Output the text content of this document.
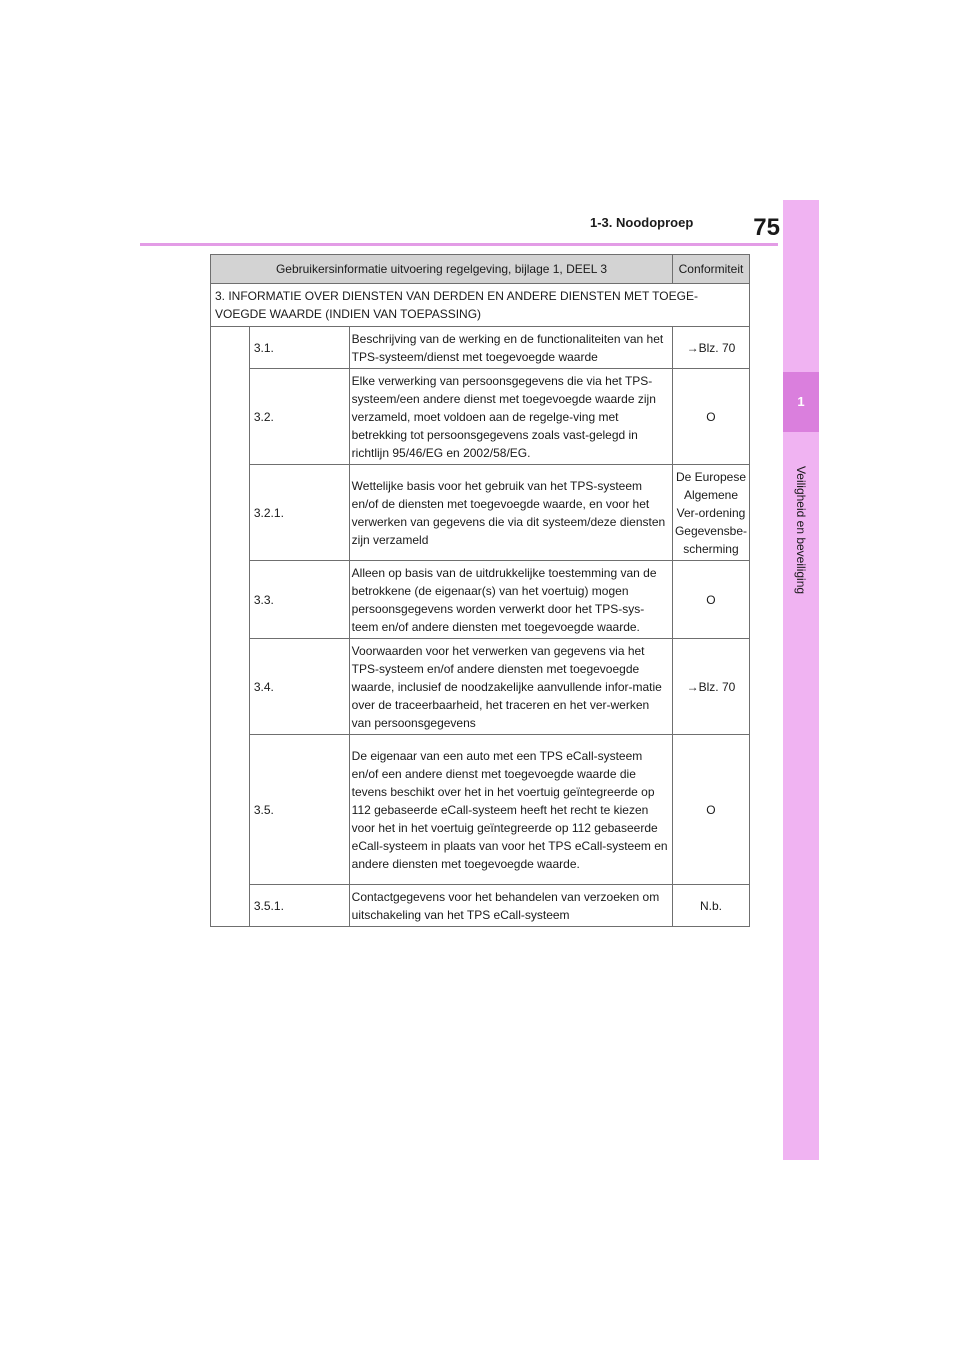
75
1-3. Noodoproep
1
Veiligheid en beveiliging
Gebruikersinformatie uitvoering regelgeving, bijlage 1, DEEL 3			Conformiteit
3. INFORMATIE OVER DIENSTEN VAN DERDEN EN ANDERE DIENSTEN MET TOEGE-VOEGDE WAARDE (INDIEN VAN TOEPASSING)			
	3.1.	Beschrijving van de werking en de functionaliteiten van het TPS-systeem/dienst met toegevoegde waarde	→Blz. 70
	3.2.	Elke verwerking van persoonsgegevens die via het TPS-systeem/een andere dienst met toegevoegde waarde zijn verzameld, moet voldoen aan de regelge-ving met betrekking tot persoonsgegevens zoals vast-gelegd in richtlijn 95/46/EG en 2002/58/EG.	O
	3.2.1.	Wettelijke basis voor het gebruik van het TPS-systeem en/of de diensten met toegevoegde waarde, en voor het verwerken van gegevens die via dit systeem/deze diensten zijn verzameld	De Europese Algemene Ver-ordening Gegevensbe-scherming
	3.3.	Alleen op basis van de uitdrukkelijke toestemming van de betrokkene (de eigenaar(s) van het voertuig) mogen persoonsgegevens worden verwerkt door het TPS-sys-teem en/of andere diensten met toegevoegde waarde.	O
	3.4.	Voorwaarden voor het verwerken van gegevens via het TPS-systeem en/of andere diensten met toegevoegde waarde, inclusief de noodzakelijke aanvullende infor-matie over de traceerbaarheid, het traceren en het ver-werken van persoonsgegevens	→Blz. 70
	3.5.	De eigenaar van een auto met een TPS eCall-systeem en/of een andere dienst met toegevoegde waarde die tevens beschikt over het in het voertuig geïntegreerde op 112 gebaseerde eCall-systeem heeft het recht te kiezen voor het in het voertuig geïntegreerde op 112 gebaseerde eCall-systeem in plaats van voor het TPS eCall-systeem en andere diensten met toegevoegde waarde.	O
	3.5.1.	Contactgegevens voor het behandelen van verzoeken om uitschakeling van het TPS eCall-systeem	N.b.
